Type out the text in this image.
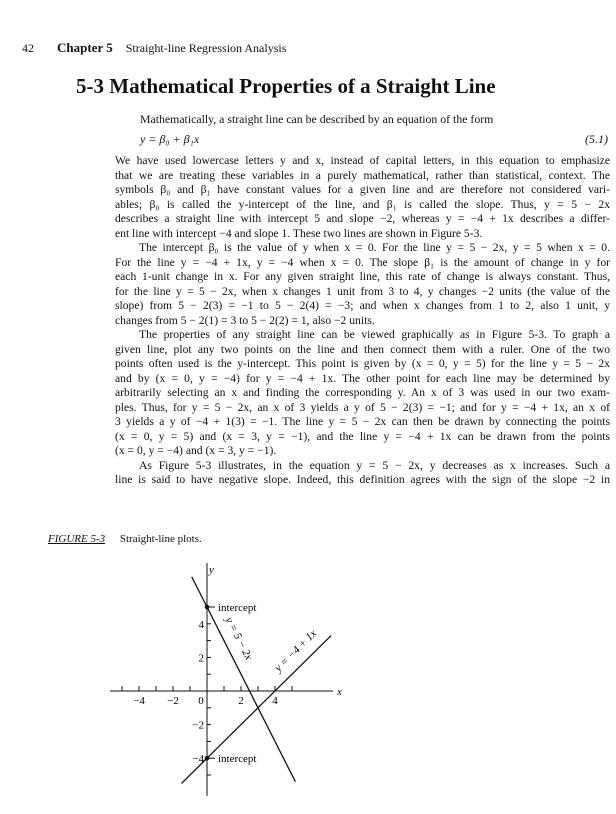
42 Chapter 5 Straight-line Regression Analysis
5-3 Mathematical Properties of a Straight Line
Mathematically, a straight line can be described by an equation of the form
y = β₀ + β₁x	(5.1)
We have used lowercase letters y and x, instead of capital letters, in this equation to emphasize
that we are treating these variables in a purely mathematical, rather than statistical, context. The
symbols β₀ and β₁ have constant values for a given line and are therefore not considered vari-
ables; β₀ is called the y-intercept of the line, and β₁ is called the slope. Thus, y = 5 − 2x
describes a straight line with intercept 5 and slope −2, whereas y = −4 + 1x describes a differ-
ent line with intercept −4 and slope 1. These two lines are shown in Figure 5-3.
The intercept β₀ is the value of y when x = 0. For the line y = 5 − 2x, y = 5 when x = 0.
For the line y = −4 + 1x, y = −4 when x = 0. The slope β₁ is the amount of change in y for
each 1-unit change in x. For any given straight line, this rate of change is always constant. Thus,
for the line y = 5 − 2x, when x changes 1 unit from 3 to 4, y changes −2 units (the value of the
slope) from 5 − 2(3) = −1 to 5 − 2(4) = −3; and when x changes from 1 to 2, also 1 unit, y
changes from 5 − 2(1) = 3 to 5 − 2(2) = 1, also −2 units.
The properties of any straight line can be viewed graphically as in Figure 5-3. To graph a
given line, plot any two points on the line and then connect them with a ruler. One of the two
points often used is the y-intercept. This point is given by (x = 0, y = 5) for the line y = 5 − 2x
and by (x = 0, y = −4) for y = −4 + 1x. The other point for each line may be determined by
arbitrarily selecting an x and finding the corresponding y. An x of 3 was used in our two exam-
ples. Thus, for y = 5 − 2x, an x of 3 yields a y of 5 − 2(3) = −1; and for y = −4 + 1x, an x of
3 yields a y of −4 + 1(3) = −1. The line y = 5 − 2x can then be drawn by connecting the points
(x = 0, y = 5) and (x = 3, y = −1), and the line y = −4 + 1x can be drawn from the points
(x = 0, y = −4) and (x = 3, y = −1).
As Figure 5-3 illustrates, in the equation y = 5 − 2x, y decreases as x increases. Such a
line is said to have negative slope. Indeed, this definition agrees with the sign of the slope −2 in
FIGURE 5-3 Straight-line plots.
−4 −2 0	2	4
4
2
−2
−4
x
y
y = 5 − 2x y = −4 + 1x
intercept
intercept
